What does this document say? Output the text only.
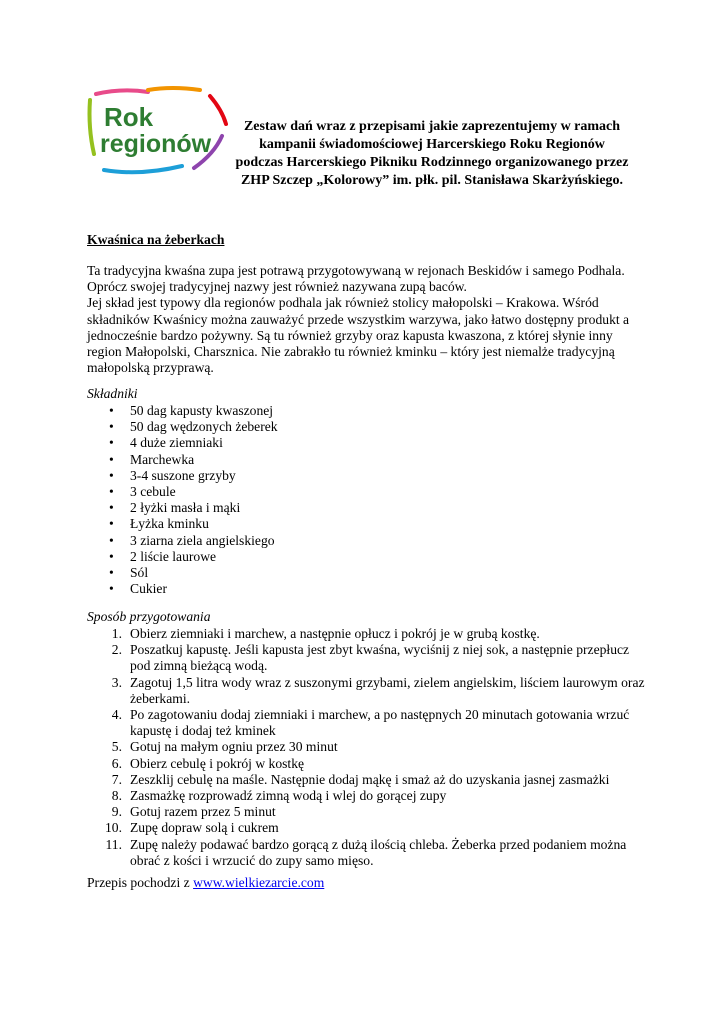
Rok
regionów
Zestaw dań wraz z przepisami jakie zaprezentujemy w ramach
kampanii świadomościowej Harcerskiego Roku Regionów
podczas Harcerskiego Pikniku Rodzinnego organizowanego przez
ZHP Szczep „Kolorowy” im. płk. pil. Stanisława Skarżyńskiego.
Kwaśnica na żeberkach

Ta tradycyjna kwaśna zupa jest potrawą przygotowywaną w rejonach Beskidów i samego Podhala.

Oprócz swojej tradycyjnej nazwy jest również nazywana zupą baców.

Jej skład jest typowy dla regionów podhala jak również stolicy małopolski – Krakowa. Wśród

składników Kwaśnicy można zauważyć przede wszystkim warzywa, jako łatwo dostępny produkt a

jednocześnie bardzo pożywny. Są tu również grzyby oraz kapusta kwaszona, z której słynie inny

region Małopolski, Charsznica. Nie zabrakło tu również kminku – który jest niemalże tradycyjną

małopolską przyprawą.

Składniki
• 50 dag kapusty kwaszonej
• 50 dag wędzonych żeberek
• 4 duże ziemniaki
• Marchewka
• 3-4 suszone grzyby
• 3 cebule
• 2 łyżki masła i mąki
• Łyżka kminku
• 3 ziarna ziela angielskiego
• 2 liście laurowe
• Sól
• Cukier
Sposób przygotowania
1. Obierz ziemniaki i marchew, a następnie opłucz i pokrój je w grubą kostkę.
2. Poszatkuj kapustę. Jeśli kapusta jest zbyt kwaśna, wyciśnij z niej sok, a następnie przepłucz
pod zimną bieżącą wodą.
3. Zagotuj 1,5 litra wody wraz z suszonymi grzybami, zielem angielskim, liściem laurowym oraz
żeberkami.
4. Po zagotowaniu dodaj ziemniaki i marchew, a po następnych 20 minutach gotowania wrzuć
kapustę i dodaj też kminek
5. Gotuj na małym ogniu przez 30 minut
6. Obierz cebulę i pokrój w kostkę
7. Zeszklij cebulę na maśle. Następnie dodaj mąkę i smaż aż do uzyskania jasnej zasmażki
8. Zasmażkę rozprowadź zimną wodą i wlej do gorącej zupy
9. Gotuj razem przez 5 minut
10. Zupę dopraw solą i cukrem
11. Zupę należy podawać bardzo gorącą z dużą ilością chleba. Żeberka przed podaniem można
obrać z kości i wrzucić do zupy samo mięso.

Przepis pochodzi z www.wielkiezarcie.com
